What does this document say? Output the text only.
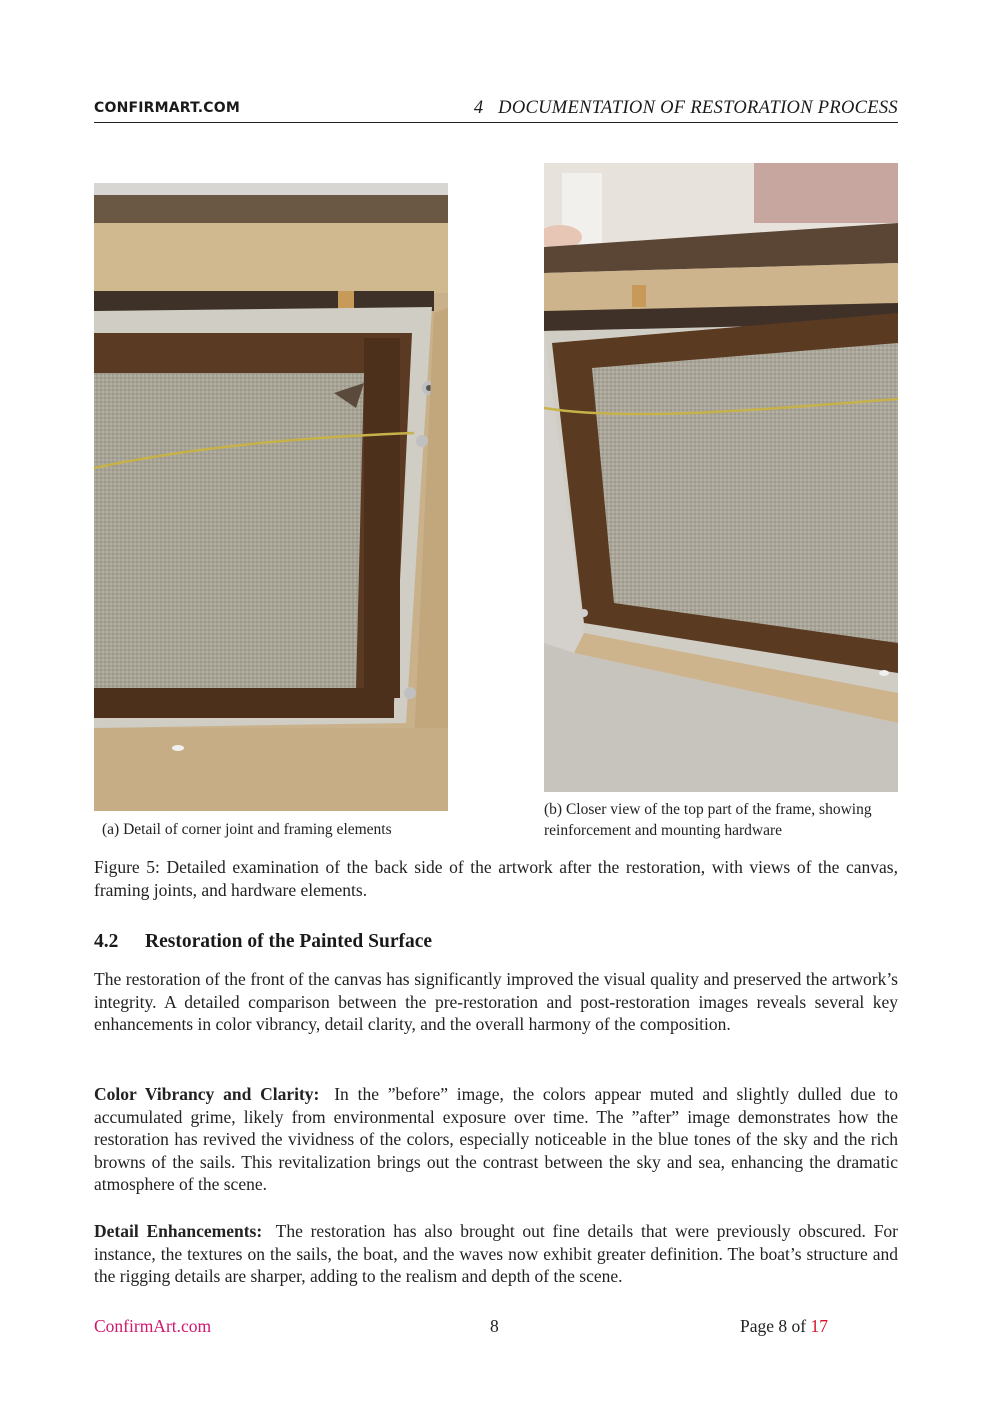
CONFIRMART.COM	4 DOCUMENTATION OF RESTORATION PROCESS
(a) Detail of corner joint and framing elements
(b) Closer view of the top part of the frame, showing reinforcement and mounting hardware
Figure 5: Detailed examination of the back side of the artwork after the restoration, with views of the canvas, framing joints, and hardware elements.
4.2 Restoration of the Painted Surface

The restoration of the front of the canvas has significantly improved the visual quality and preserved the artwork’s integrity. A detailed comparison between the pre-restoration and post-restoration images reveals several key enhancements in color vibrancy, detail clarity, and the overall harmony of the composition.

Color Vibrancy and Clarity: In the ”before” image, the colors appear muted and slightly dulled due to accumulated grime, likely from environmental exposure over time. The ”after” image demonstrates how the restoration has revived the vividness of the colors, especially noticeable in the blue tones of the sky and the rich browns of the sails. This revitalization brings out the contrast between the sky and sea, enhancing the dramatic atmosphere of the scene.

Detail Enhancements: The restoration has also brought out fine details that were previously obscured. For instance, the textures on the sails, the boat, and the waves now exhibit greater definition. The boat’s structure and the rigging details are sharper, adding to the realism and depth of the scene.

ConfirmArt.com	8	Page 8 of 17
